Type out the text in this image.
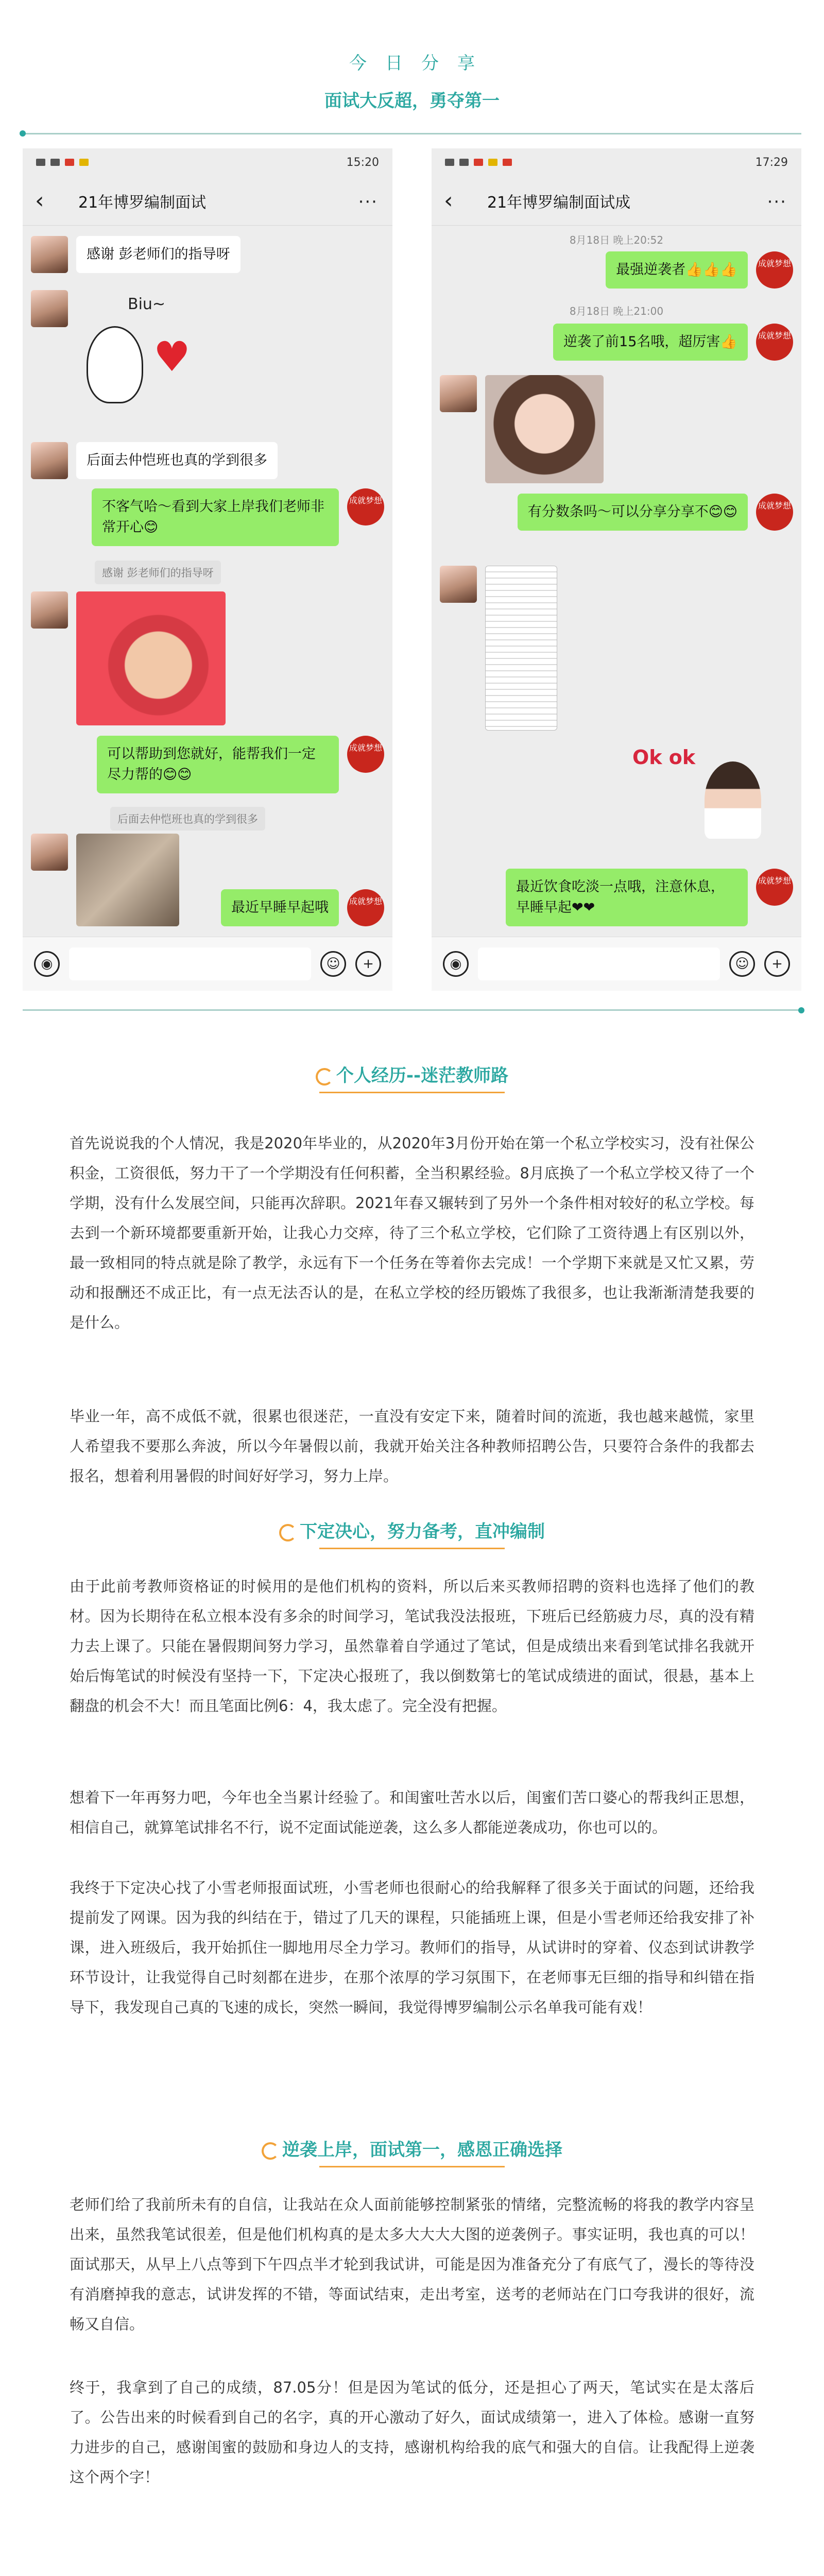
今日分享
面试大反超，勇夺第一
15:20
‹	21年博罗编制面试	···
感谢 彭老师们的指导呀
Biu~
♥
后面去仲恺班也真的学到很多
不客气哈～看到大家上岸我们老师非常开心😊
成就梦想
感谢 彭老师们的指导呀
可以帮助到您就好，能帮我们一定尽力帮的😊😊
成就梦想
后面去仲恺班也真的学到很多
最近早睡早起哦	成就梦想
◉	☺	+
17:29
‹	21年博罗编制面试成	···
8月18日 晚上20:52
最强逆袭者👍👍👍	成就梦想
8月18日 晚上21:00
逆袭了前15名哦，超厉害👍	成就梦想
有分数条吗～可以分享分享不😊😊	成就梦想
Ok ok
最近饮食吃淡一点哦，注意休息，早睡早起❤❤
成就梦想
◉	☺	+
个人经历--迷茫教师路
首先说说我的个人情况，我是2020年毕业的，从2020年3月份开始在第一个私立学校实习，没有社保公积金，工资很低，努力干了一个学期没有任何积蓄，全当积累经验。8月底换了一个私立学校又待了一个学期，没有什么发展空间，只能再次辞职。2021年春又辗转到了另外一个条件相对较好的私立学校。每去到一个新环境都要重新开始，让我心力交瘁，待了三个私立学校，它们除了工资待遇上有区别以外，最一致相同的特点就是除了教学，永远有下一个任务在等着你去完成！一个学期下来就是又忙又累，劳动和报酬还不成正比，有一点无法否认的是，在私立学校的经历锻炼了我很多，也让我渐渐清楚我要的是什么。
毕业一年，高不成低不就，很累也很迷茫，一直没有安定下来，随着时间的流逝，我也越来越慌，家里人希望我不要那么奔波，所以今年暑假以前，我就开始关注各种教师招聘公告，只要符合条件的我都去报名，想着利用暑假的时间好好学习，努力上岸。
下定决心，努力备考，直冲编制
由于此前考教师资格证的时候用的是他们机构的资料，所以后来买教师招聘的资料也选择了他们的教材。因为长期待在私立根本没有多余的时间学习，笔试我没法报班，下班后已经筋疲力尽，真的没有精力去上课了。只能在暑假期间努力学习，虽然靠着自学通过了笔试，但是成绩出来看到笔试排名我就开始后悔笔试的时候没有坚持一下，下定决心报班了，我以倒数第七的笔试成绩进的面试，很悬，基本上翻盘的机会不大！而且笔面比例6：4，我太虑了。完全没有把握。
想着下一年再努力吧，今年也全当累计经验了。和闺蜜吐苦水以后，闺蜜们苦口婆心的帮我纠正思想，相信自己，就算笔试排名不行，说不定面试能逆袭，这么多人都能逆袭成功，你也可以的。
我终于下定决心找了小雪老师报面试班，小雪老师也很耐心的给我解释了很多关于面试的问题，还给我提前发了网课。因为我的纠结在于，错过了几天的课程，只能插班上课，但是小雪老师还给我安排了补课，进入班级后，我开始抓住一脚地用尽全力学习。教师们的指导，从试讲时的穿着、仪态到试讲教学环节设计，让我觉得自己时刻都在进步，在那个浓厚的学习氛围下，在老师事无巨细的指导和纠错在指导下，我发现自己真的飞速的成长，突然一瞬间，我觉得博罗编制公示名单我可能有戏！
逆袭上岸，面试第一，感恩正确选择
老师们给了我前所未有的自信，让我站在众人面前能够控制紧张的情绪，完整流畅的将我的教学内容呈出来，虽然我笔试很差，但是他们机构真的是太多大大大大图的逆袭例子。事实证明，我也真的可以！面试那天，从早上八点等到下午四点半才轮到我试讲，可能是因为准备充分了有底气了，漫长的等待没有消磨掉我的意志，试讲发挥的不错，等面试结束，走出考室，送考的老师站在门口夸我讲的很好，流畅又自信。
终于，我拿到了自己的成绩，87.05分！但是因为笔试的低分，还是担心了两天，笔试实在是太落后了。公告出来的时候看到自己的名字，真的开心激动了好久，面试成绩第一，进入了体检。感谢一直努力进步的自己，感谢闺蜜的鼓励和身边人的支持，感谢机构给我的底气和强大的自信。让我配得上逆袭这个两个字！
